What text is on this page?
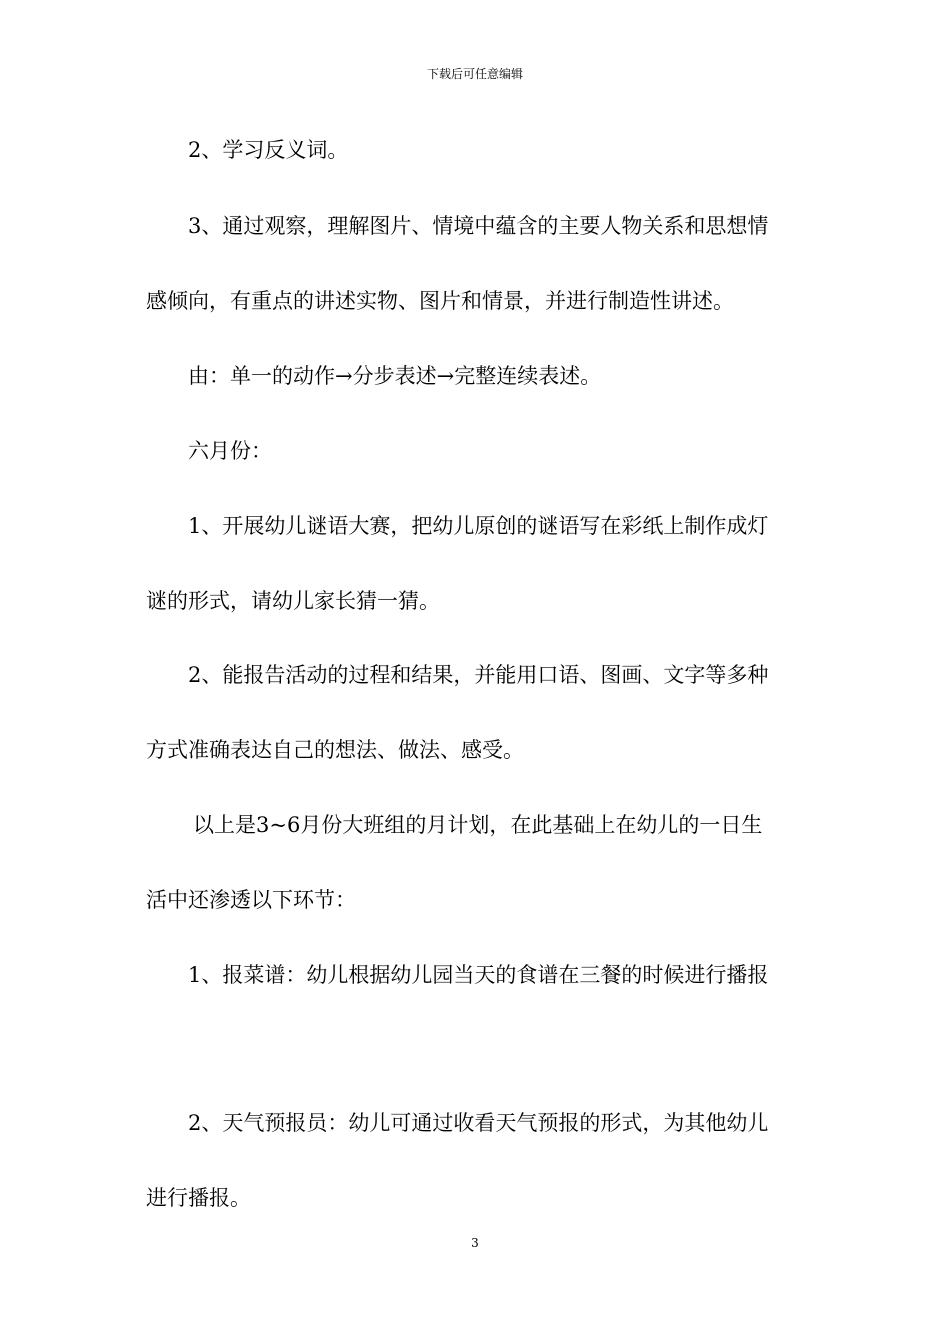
下载后可任意编辑
2、学习反义词。
3、通过观察，理解图片、情境中蕴含的主要人物关系和思想情
感倾向，有重点的讲述实物、图片和情景，并进行制造性讲述。
由：单一的动作→分步表述→完整连续表述。
六月份：
1、开展幼儿谜语大赛，把幼儿原创的谜语写在彩纸上制作成灯
谜的形式，请幼儿家长猜一猜。
2、能报告活动的过程和结果，并能用口语、图画、文字等多种
方式准确表达自己的想法、做法、感受。
以上是3~6月份大班组的月计划，在此基础上在幼儿的一日生
活中还渗透以下环节：
1、报菜谱：幼儿根据幼儿园当天的食谱在三餐的时候进行播报
2、天气预报员：幼儿可通过收看天气预报的形式，为其他幼儿
进行播报。
3
